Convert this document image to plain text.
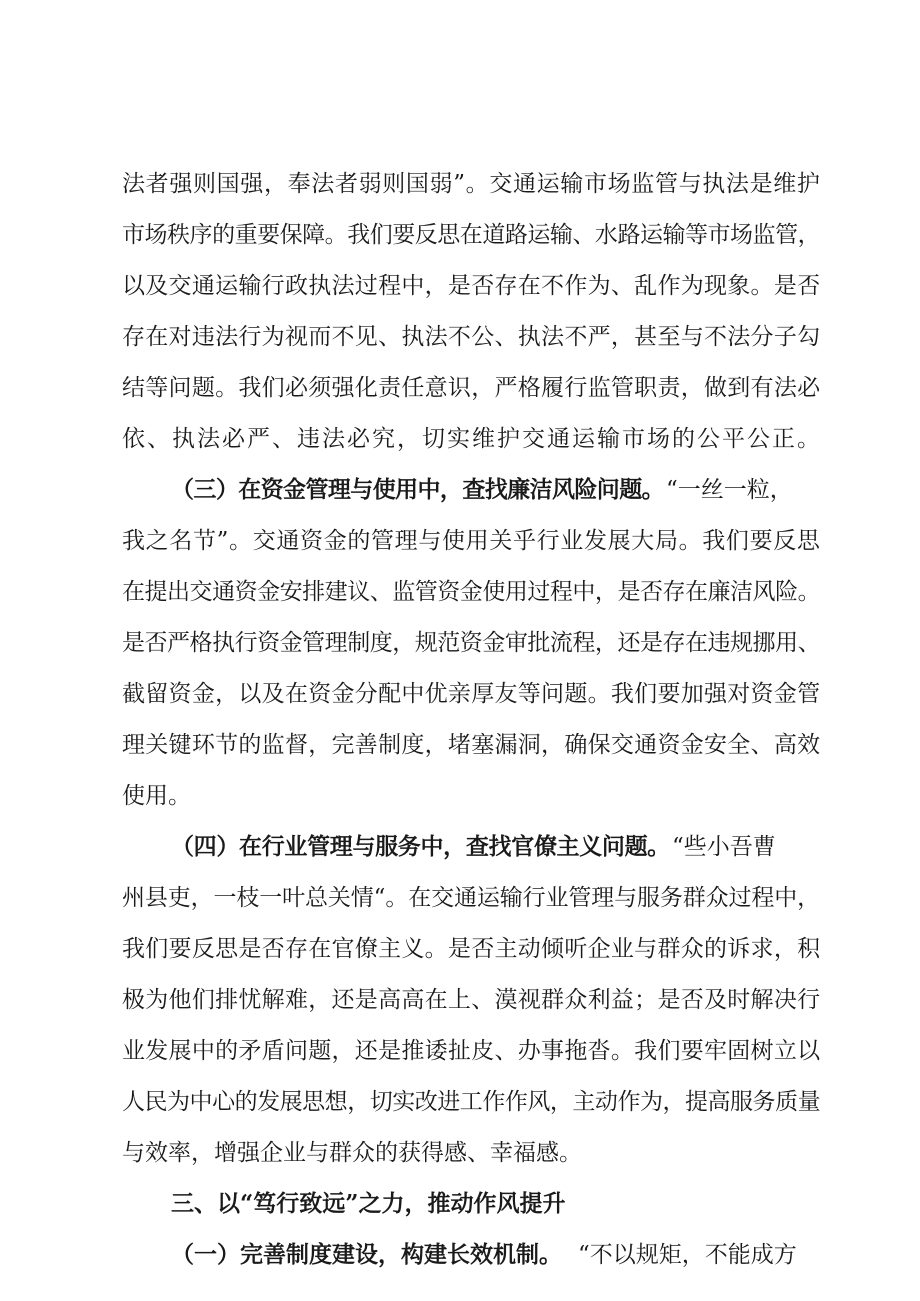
法者强则国强，奉法者弱则国弱”。交通运输市场监管与执法是维护
市场秩序的重要保障。我们要反思在道路运输、水路运输等市场监管，
以及交通运输行政执法过程中，是否存在不作为、乱作为现象。是否
存在对违法行为视而不见、执法不公、执法不严，甚至与不法分子勾
结等问题。我们必须强化责任意识，严格履行监管职责，做到有法必
依、执法必严、违法必究，切实维护交通运输市场的公平公正。
（三）在资金管理与使用中，查找廉洁风险问题。 “一丝一粒，
我之名节”。交通资金的管理与使用关乎行业发展大局。我们要反思
在提出交通资金安排建议、监管资金使用过程中，是否存在廉洁风险。
是否严格执行资金管理制度，规范资金审批流程，还是存在违规挪用、
截留资金，以及在资金分配中优亲厚友等问题。我们要加强对资金管
理关键环节的监督，完善制度，堵塞漏洞，确保交通资金安全、高效
使用。
（四）在行业管理与服务中，查找官僚主义问题。 “些小吾曹
州县吏，一枝一叶总关情“。在交通运输行业管理与服务群众过程中，
我们要反思是否存在官僚主义。是否主动倾听企业与群众的诉求，积
极为他们排忧解难，还是高高在上、漠视群众利益；是否及时解决行
业发展中的矛盾问题，还是推诿扯皮、办事拖沓。我们要牢固树立以
人民为中心的发展思想，切实改进工作作风，主动作为，提高服务质量
与效率，增强企业与群众的获得感、幸福感。
三、以“笃行致远”之力，推动作风提升
（一）完善制度建设，构建长效机制。 “不以规矩，不能成方
